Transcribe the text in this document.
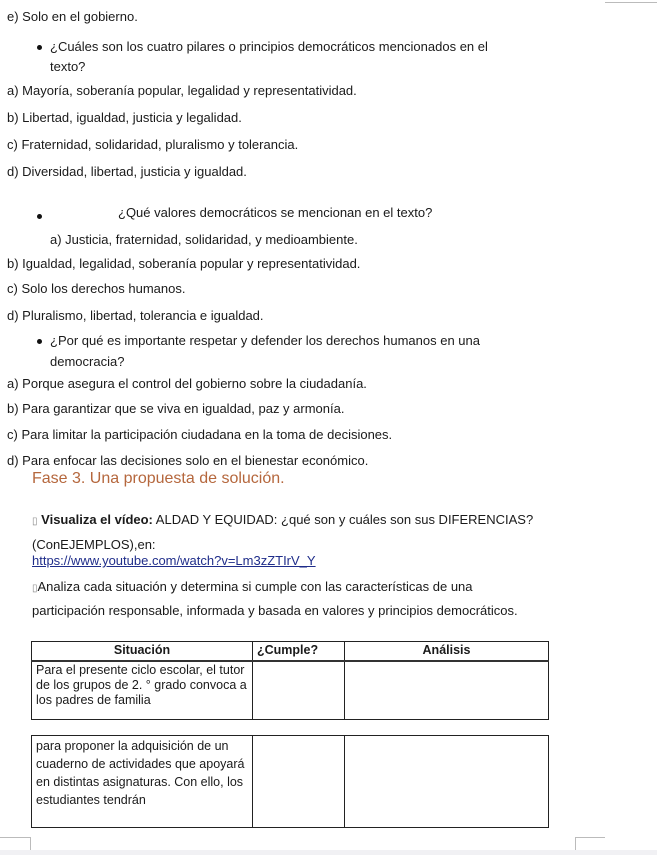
e) Solo en el gobierno.
¿Cuáles son los cuatro pilares o principios democráticos mencionados en el
texto?
a) Mayoría, soberanía popular, legalidad y representatividad.
b) Libertad, igualdad, justicia y legalidad.
c) Fraternidad, solidaridad, pluralismo y tolerancia.
d) Diversidad, libertad, justicia y igualdad.
¿Qué valores democráticos se mencionan en el texto?
a) Justicia, fraternidad, solidaridad, y medioambiente.
b) Igualdad, legalidad, soberanía popular y representatividad.
c) Solo los derechos humanos.
d) Pluralismo, libertad, tolerancia e igualdad.
¿Por qué es importante respetar y defender los derechos humanos en una
democracia?
a) Porque asegura el control del gobierno sobre la ciudadanía.
b) Para garantizar que se viva en igualdad, paz y armonía.
c) Para limitar la participación ciudadana en la toma de decisiones.
d) Para enfocar las decisiones solo en el bienestar económico.
Fase 3. Una propuesta de solución.
▯ Visualiza el vídeo: ALDAD Y EQUIDAD: ¿qué son y cuáles son sus DIFERENCIAS?
(ConEJEMPLOS),en:
https://www.youtube.com/watch?v=Lm3zZTIrV_Y
▯Analiza cada situación y determina si cumple con las características de una
participación responsable, informada y basada en valores y principios democráticos.
Situación	¿Cumple?	Análisis
Para el presente ciclo escolar, el tutor de los grupos de 2. ° grado convoca a los padres de familia		
para proponer la adquisición de un cuaderno de actividades que apoyará en distintas asignaturas. Con ello, los estudiantes tendrán		
